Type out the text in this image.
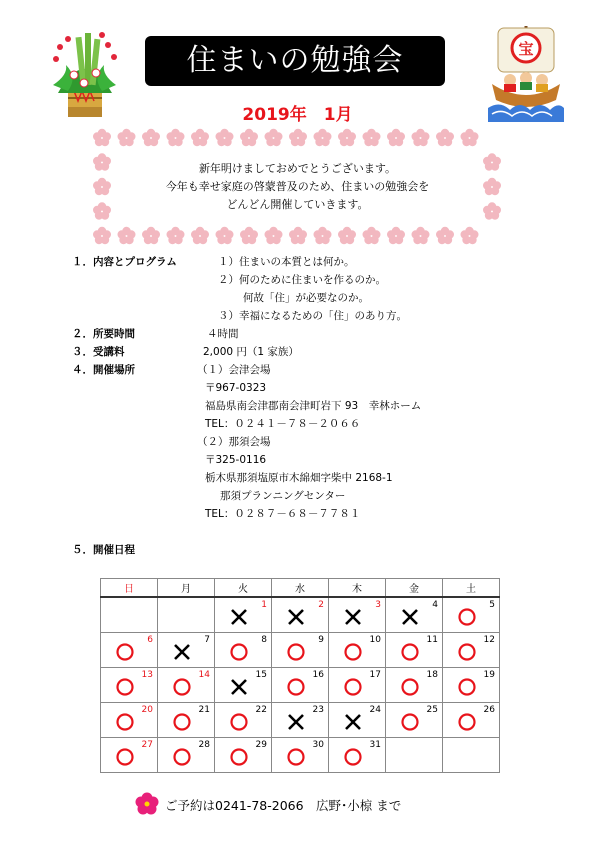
宝
住まいの勉強会
2019年　1月
新年明けましておめでとうございます。
今年も幸せ家庭の啓蒙普及のため、住まいの勉強会を
どんどん開催していきます。
１．内容とプログラム	１）住まいの本質とは何か。
２）何のために住まいを作るのか。
何故「住」が必要なのか。
３）幸福になるための「住」のあり方。
２．所要時間	４時間
３．受講料	2,000 円（1 家族）
４．開催場所	（１）会津会場
〒967-0323
福島県南会津郡南会津町岩下 93　幸林ホーム
TEL：０２４１－７８－２０６６
（２）那須会場
〒325-0116
栃木県那須塩原市木綿畑字柴中 2168-1
那須プランニングセンター
TEL：０２８７－６８－７７８１
５．開催日程
日	月	火	水	木	金	土

		1	2	3	4	5

6	7	8	9	10	11	12

13	14	15	16	17	18	19

20	21	22	23	24	25	26

27	28	29	30	31		

ご予約は0241-78-2066　広野･小椋 まで
